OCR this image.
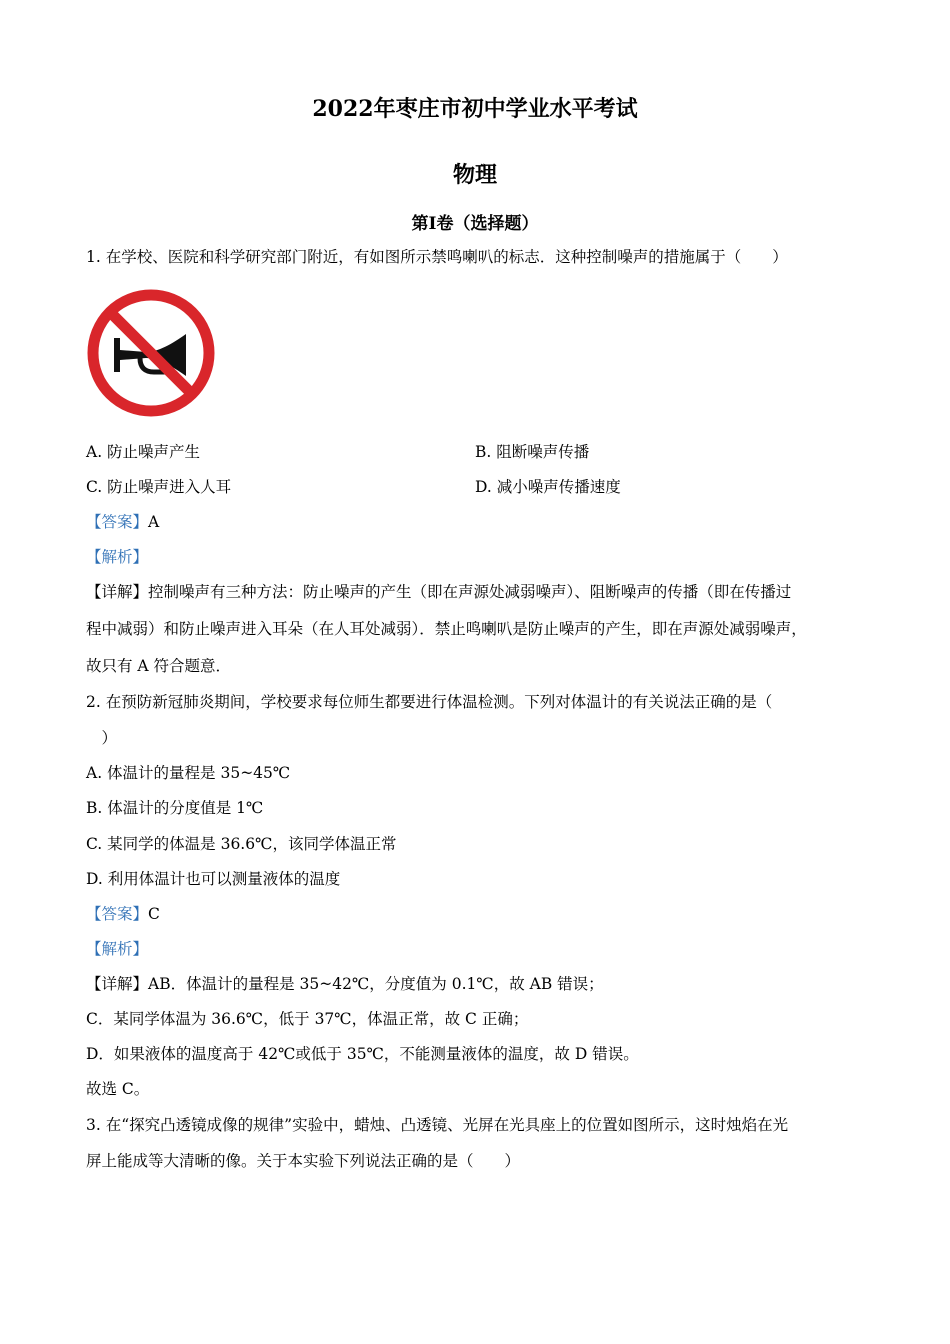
2022年枣庄市初中学业水平考试
物理
第Ⅰ卷（选择题）
1. 在学校、医院和科学研究部门附近，有如图所示禁鸣喇叭的标志．这种控制噪声的措施属于（　　）
A. 防止噪声产生	B. 阻断噪声传播
C. 防止噪声进入人耳	D. 减小噪声传播速度
【答案】A
【解析】
【详解】控制噪声有三种方法：防止噪声的产生（即在声源处减弱噪声）、阻断噪声的传播（即在传播过
程中减弱）和防止噪声进入耳朵（在人耳处减弱）．禁止鸣喇叭是防止噪声的产生，即在声源处减弱噪声，
故只有 A 符合题意．
2. 在预防新冠肺炎期间，学校要求每位师生都要进行体温检测。下列对体温计的有关说法正确的是（
　）
A. 体温计的量程是 35~45℃
B. 体温计的分度值是 1℃
C. 某同学的体温是 36.6℃，该同学体温正常
D. 利用体温计也可以测量液体的温度
【答案】C
【解析】
【详解】AB．体温计的量程是 35~42℃，分度值为 0.1℃，故 AB 错误；
C．某同学体温为 36.6℃，低于 37℃，体温正常，故 C 正确；
D．如果液体的温度高于 42℃或低于 35℃，不能测量液体的温度，故 D 错误。
故选 C。
3. 在“探究凸透镜成像的规律”实验中，蜡烛、凸透镜、光屏在光具座上的位置如图所示，这时烛焰在光
屏上能成等大清晰的像。关于本实验下列说法正确的是（　　）
